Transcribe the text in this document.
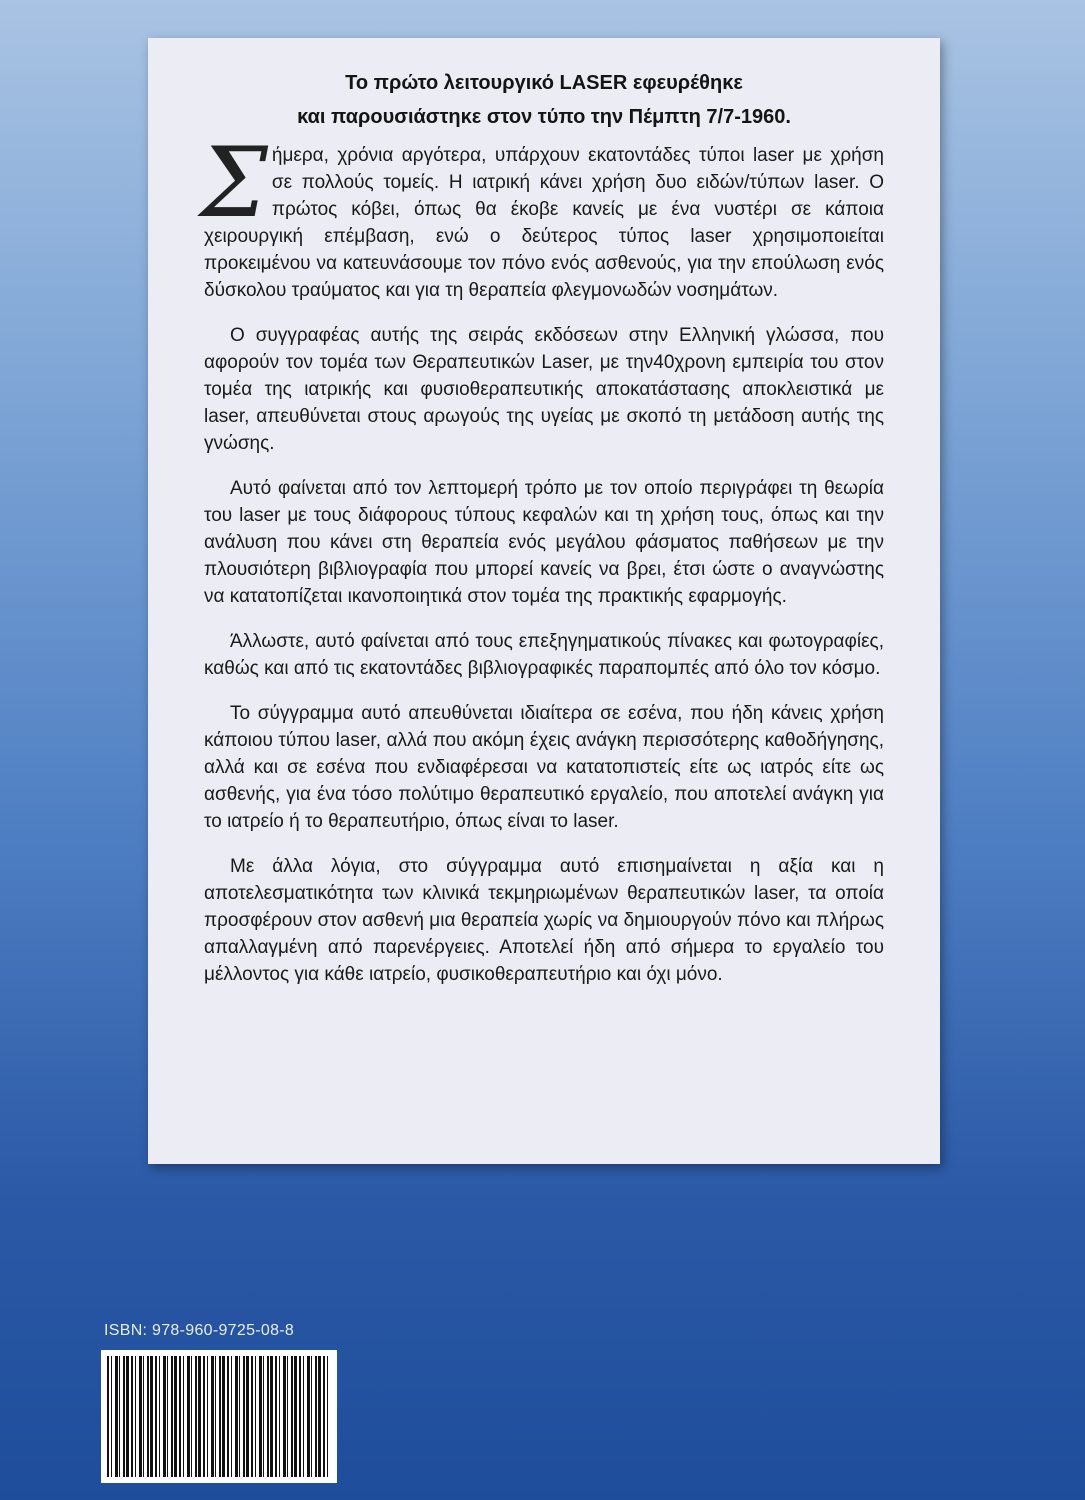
Το πρώτο λειτουργικό LASER εφευρέθηκε
και παρουσιάστηκε στον τύπο την Πέμπτη 7/7-1960.

Σήμερα, χρόνια αργότερα, υπάρχουν εκατοντάδες τύποι laser με χρήση σε πολλούς τομείς. Η ιατρική κάνει χρήση δυο ειδών/τύπων laser. Ο πρώτος κόβει, όπως θα έκοβε κανείς με ένα νυστέρι σε κάποια χειρουργική επέμβαση, ενώ ο δεύτερος τύπος laser χρησιμοποιείται προκειμένου να κατευνάσουμε τον πόνο ενός ασθενούς, για την επούλωση ενός δύσκολου τραύματος και για τη θεραπεία φλεγμονωδών νοσημάτων.

Ο συγγραφέας αυτής της σειράς εκδόσεων στην Ελληνική γλώσσα, που αφορούν τον τομέα των Θεραπευτικών Laser, με την40χρονη εμπειρία του στον τομέα της ιατρικής και φυσιοθεραπευτικής αποκατάστασης αποκλειστικά με laser, απευθύνεται στους αρωγούς της υγείας με σκοπό τη μετάδοση αυτής της γνώσης.

Αυτό φαίνεται από τον λεπτομερή τρόπο με τον οποίο περιγράφει τη θεωρία του laser με τους διάφορους τύπους κεφαλών και τη χρήση τους, όπως και την ανάλυση που κάνει στη θεραπεία ενός μεγάλου φάσματος παθήσεων με την πλουσιότερη βιβλιογραφία που μπορεί κανείς να βρει, έτσι ώστε ο αναγνώστης να κατατοπίζεται ικανοποιητικά στον τομέα της πρακτικής εφαρμογής.

Άλλωστε, αυτό φαίνεται από τους επεξηγηματικούς πίνακες και φωτογραφίες, καθώς και από τις εκατοντάδες βιβλιογραφικές παραπομπές από όλο τον κόσμο.

Το σύγγραμμα αυτό απευθύνεται ιδιαίτερα σε εσένα, που ήδη κάνεις χρήση κάποιου τύπου laser, αλλά που ακόμη έχεις ανάγκη περισσότερης καθοδήγησης, αλλά και σε εσένα που ενδιαφέρεσαι να κατατοπιστείς είτε ως ιατρός είτε ως ασθενής, για ένα τόσο πολύτιμο θεραπευτικό εργαλείο, που αποτελεί ανάγκη για το ιατρείο ή το θεραπευτήριο, όπως είναι το laser.

Με άλλα λόγια, στο σύγγραμμα αυτό επισημαίνεται η αξία και η αποτελεσματικότητα των κλινικά τεκμηριωμένων θεραπευτικών laser, τα οποία προσφέρουν στον ασθενή μια θεραπεία χωρίς να δημιουργούν πόνο και πλήρως απαλλαγμένη από παρενέργειες. Αποτελεί ήδη από σήμερα το εργαλείο του μέλλοντος για κάθε ιατρείο, φυσικοθεραπευτήριο και όχι μόνο.

ISBN: 978-960-9725-08-8
